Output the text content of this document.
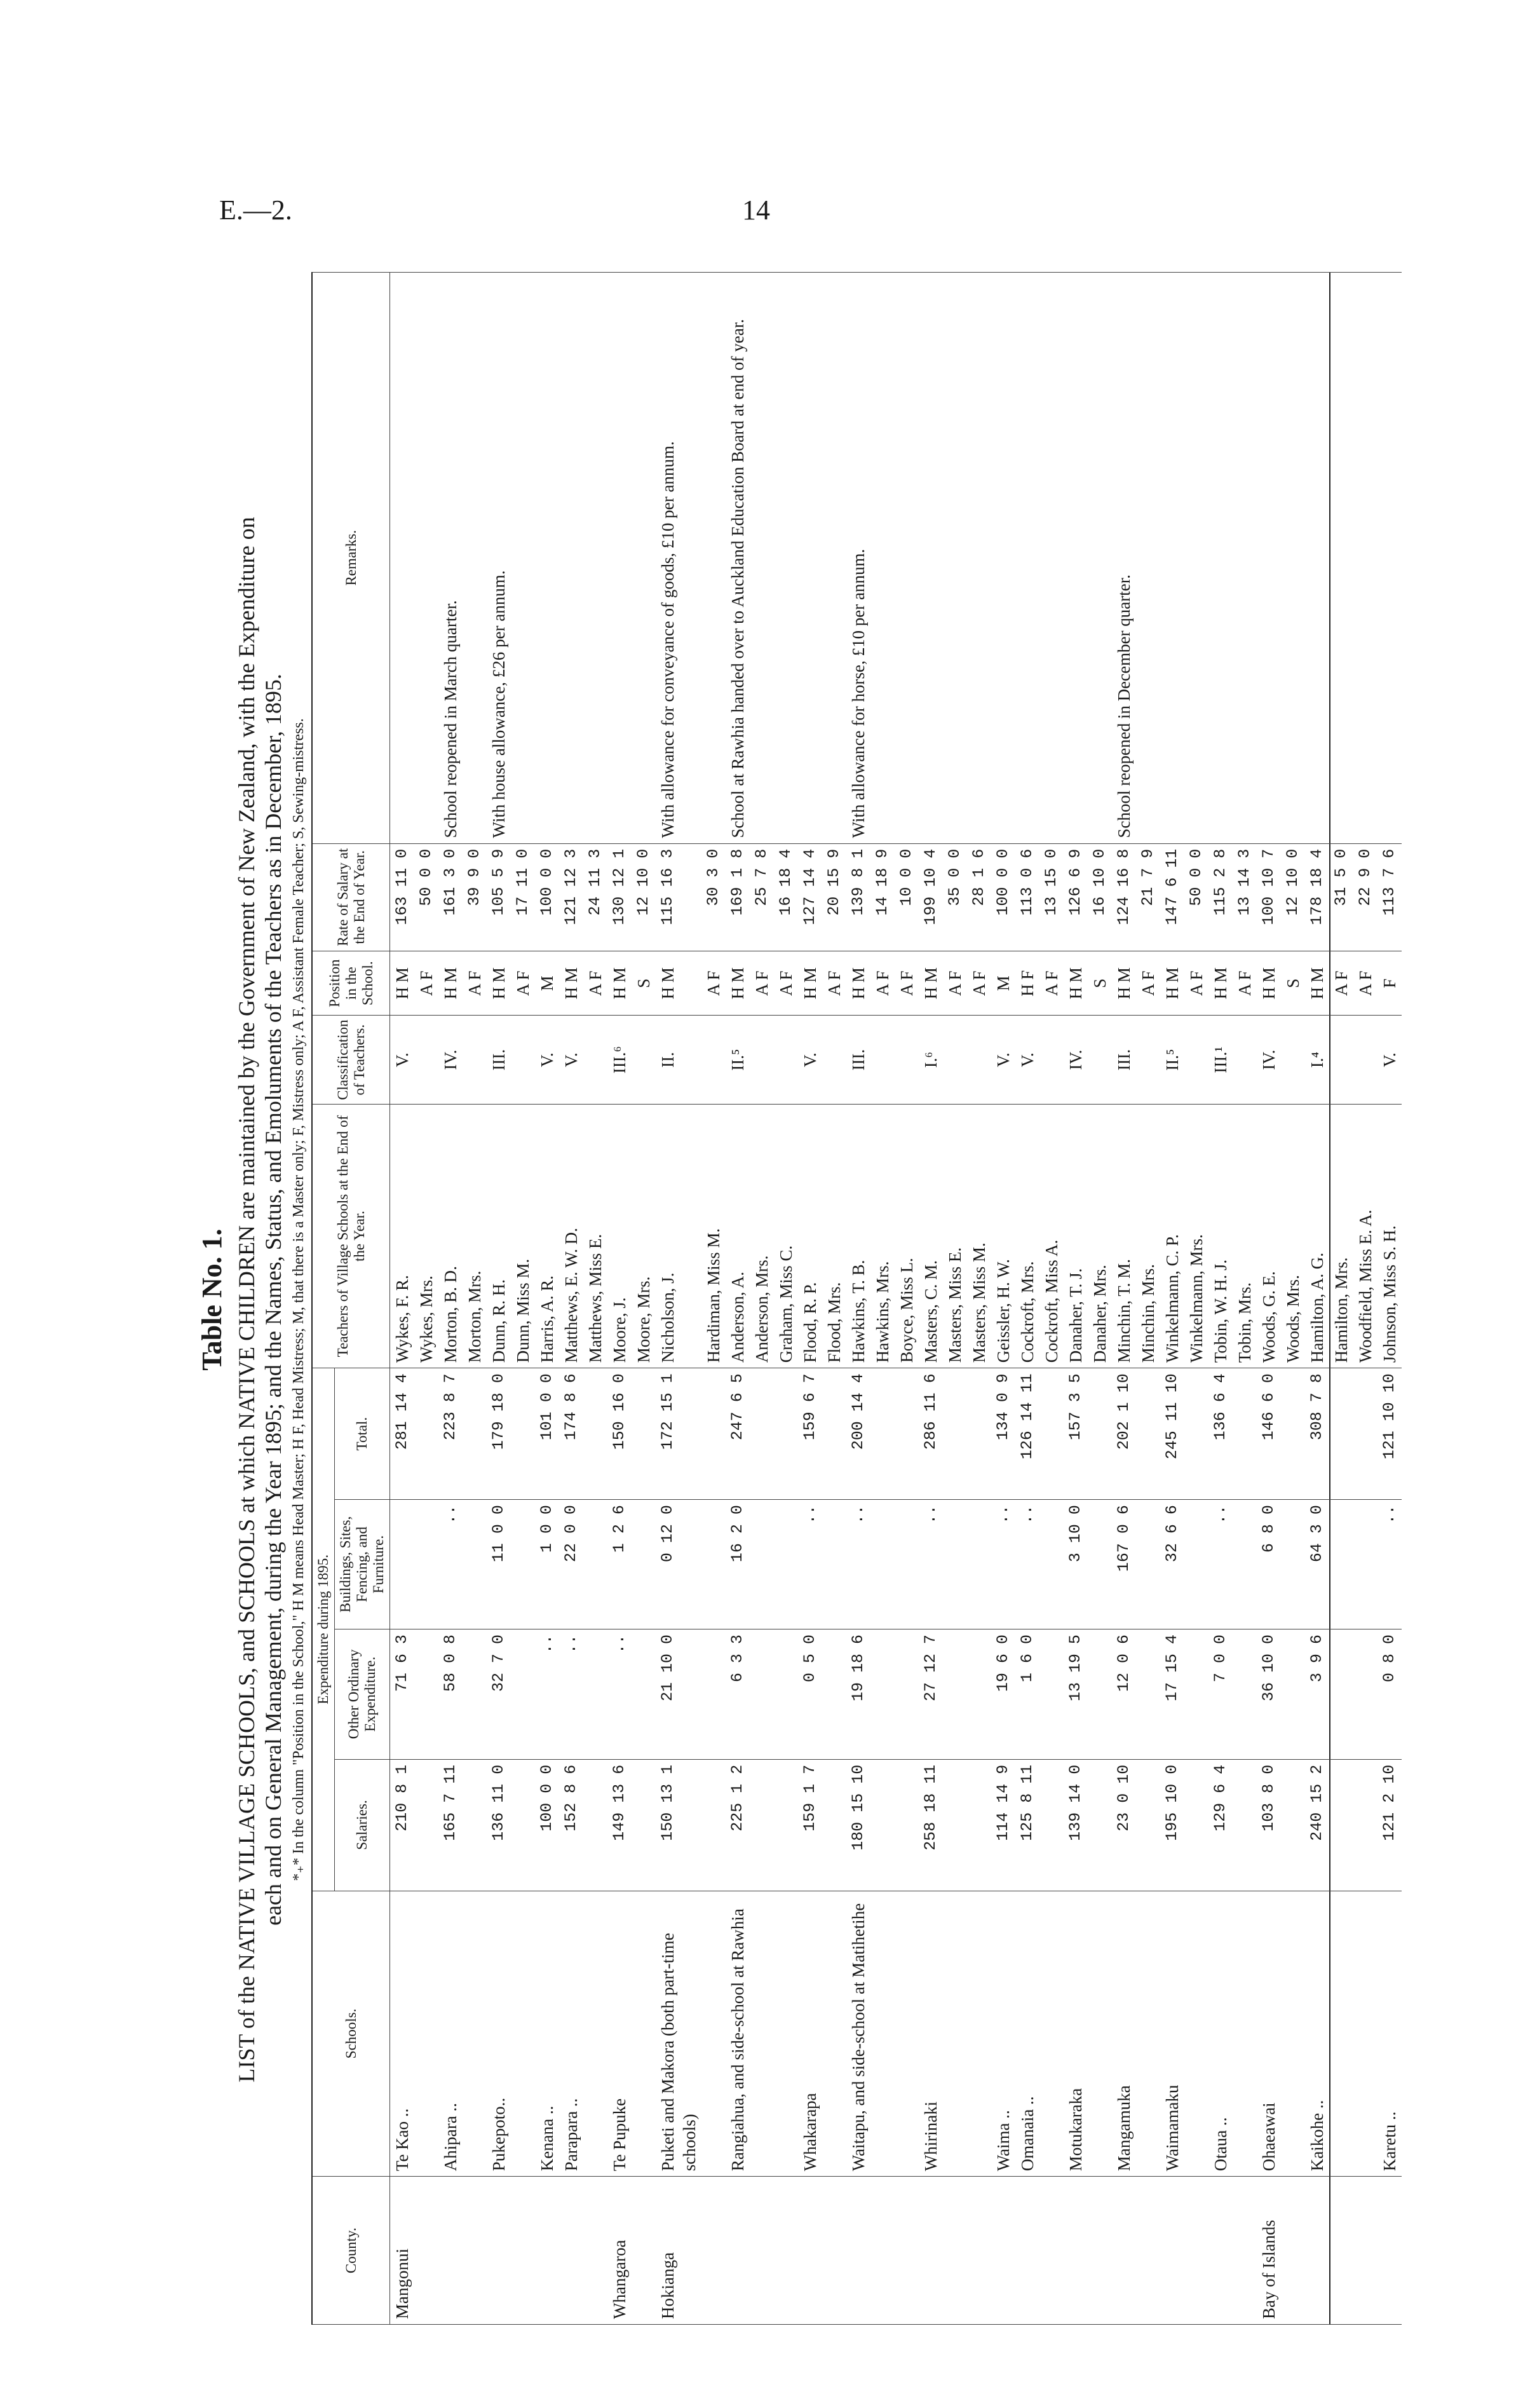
E.—2.	14
Table No. 1. LIST of the NATIVE VILLAGE SCHOOLS, and SCHOOLS at which NATIVE CHILDREN are maintained by the Government of New Zealand, with the Expenditure on each and on General Management, during the Year 1895; and the Names, Status, and Emoluments of the Teachers as in December, 1895. *₊* In the column "Position in the School," H M means Head Master; H F, Head Mistress; M, that there is a Master only; F, Mistress only; A F, Assistant Female Teacher; S, Sewing-mistress.
County.	Schools.	Expenditure during 1895.				Teachers of Village Schools at the End of the Year.	Classification of Teachers.	Position in the School.	Rate of Salary at the End of Year.	Remarks.
		Salaries.	Other Ordinary Expenditure.	Buildings, Sites, Fencing, and Furniture.	Total.					
Mangonui	Te Kao ..	210 8 1	71 6 3		281 14 4	Wykes, F. R.	V.	H M	163 11 0	
						Wykes, Mrs.		A F	50 0 0	
	Ahipara ..	165 7 11	58 0 8	..	223 8 7	Morton, B. D.	IV.	H M	161 3 0	School reopened in March quarter.
						Morton, Mrs.		A F	39 9 0	
	Pukepoto..	136 11 0	32 7 0	11 0 0	179 18 0	Dunn, R. H.	III.	H M	105 5 9	With house allowance, £26 per annum.
						Dunn, Miss M.		A F	17 11 0	
	Kenana ..	100 0 0	..	1 0 0	101 0 0	Harris, A. R.	V.	M	100 0 0	
	Parapara ..	152 8 6	..	22 0 0	174 8 6	Matthews, E. W. D.	V.	H M	121 12 3	
						Matthews, Miss E.		A F	24 11 3	
Whangaroa	Te Pupuke	149 13 6	..	1 2 6	150 16 0	Moore, J.	III.⁶	H M	130 12 1	
						Moore, Mrs.		S	12 10 0	
Hokianga	Puketi and Makora (both part-time schools)	150 13 1	21 10 0	0 12 0	172 15 1	Nicholson, J.	II.	H M	115 16 3	With allowance for conveyance of goods, £10 per annum.
						Hardiman, Miss M.		A F	30 3 0	
	Rangiahua, and side-school at Rawhia	225 1 2	6 3 3	16 2 0	247 6 5	Anderson, A.	II.⁵	H M	169 1 8	School at Rawhia handed over to Auckland Education Board at end of year.
						Anderson, Mrs.		A F	25 7 8	
						Graham, Miss C.		A F	16 18 4	
	Whakarapa	159 1 7	0 5 0	..	159 6 7	Flood, R. P.	V.	H M	127 14 4	
						Flood, Mrs.		A F	20 15 9	
	Waitapu, and side-school at Matihetihe	180 15 10	19 18 6	..	200 14 4	Hawkins, T. B.	III.	H M	139 8 1	With allowance for horse, £10 per annum.
						Hawkins, Mrs.		A F	14 18 9	
						Boyce, Miss L.		A F	10 0 0	
	Whirinaki	258 18 11	27 12 7	..	286 11 6	Masters, C. M.	I.⁶	H M	199 10 4	
						Masters, Miss E.		A F	35 0 0	
						Masters, Miss M.		A F	28 1 6	
	Waima ..	114 14 9	19 6 0	..	134 0 9	Geissler, H. W.	V.	M	100 0 0	
	Omanaia ..	125 8 11	1 6 0	..	126 14 11	Cockroft, Mrs.	V.	H F	113 0 6	
						Cockroft, Miss A.		A F	13 15 0	
	Motukaraka	139 14 0	13 19 5	3 10 0	157 3 5	Danaher, T. J.	IV.	H M	126 6 9	
						Danaher, Mrs.		S	16 10 0	
	Mangamuka	23 0 10	12 0 6	167 0 6	202 1 10	Minchin, T. M.	III.	H M	124 16 8	School reopened in December quarter.
						Minchin, Mrs.		A F	21 7 9	
	Waimamaku	195 10 0	17 15 4	32 6 6	245 11 10	Winkelmann, C. P.	II.⁵	H M	147 6 11	
						Winkelmann, Mrs.		A F	50 0 0	
	Otaua ..	129 6 4	7 0 0	..	136 6 4	Tobin, W. H. J.	III.¹	H M	115 2 8	
						Tobin, Mrs.		A F	13 14 3	
Bay of Islands	Ohaeawai	103 8 0	36 10 0	6 8 0	146 6 0	Woods, G. E.	IV.	H M	100 10 7	
						Woods, Mrs.		S	12 10 0	
	Kaikohe ..	240 15 2	3 9 6	64 3 0	308 7 8	Hamilton, A. G.	I.⁴	H M	178 18 4	
						Hamilton, Mrs.		A F	31 5 0	
						Woodfield, Miss E. A.		A F	22 9 0	
	Karetu ..	121 2 10	0 8 0	..	121 10 10	Johnson, Miss S. H.	V.	F	113 7 6	
